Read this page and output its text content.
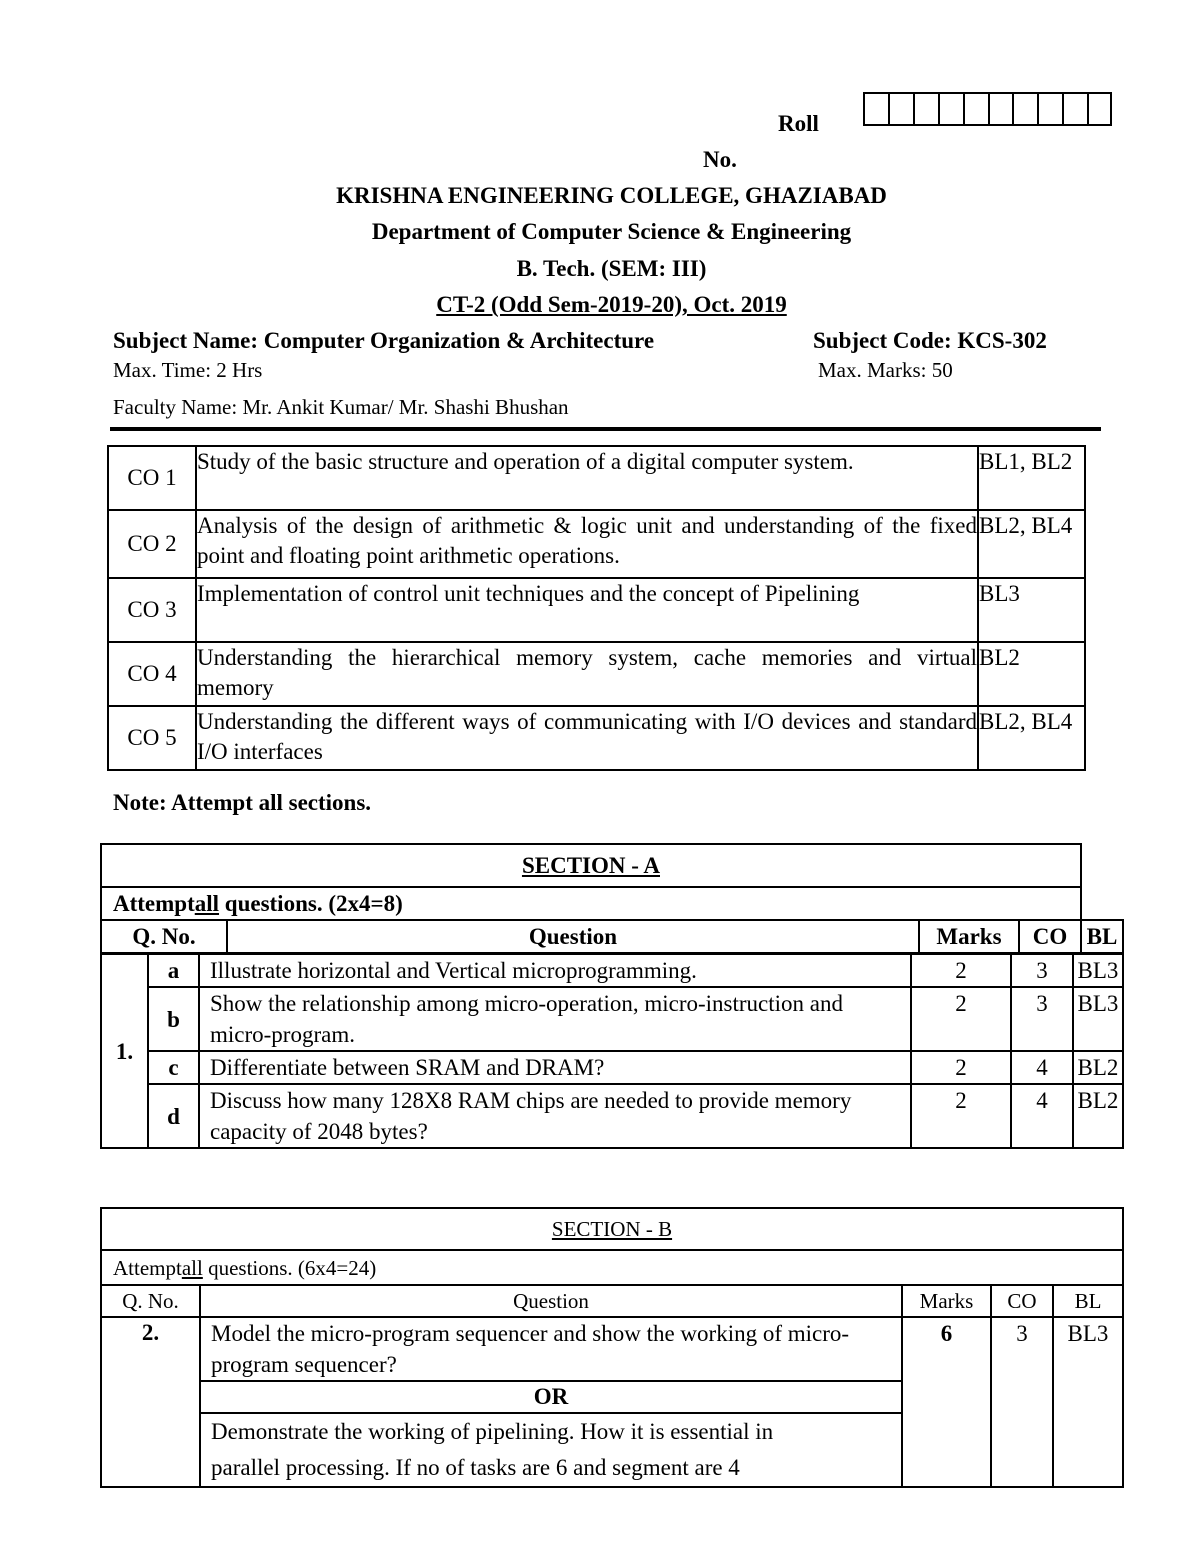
Roll
No.
KRISHNA ENGINEERING COLLEGE, GHAZIABAD
Department of Computer Science & Engineering
B. Tech. (SEM: III)
CT-2 (Odd Sem-2019-20), Oct. 2019
Subject Name: Computer Organization & Architecture	Subject Code: KCS-302
Max. Time: 2 Hrs	Max. Marks: 50
Faculty Name: Mr. Ankit Kumar/ Mr. Shashi Bhushan
CO 1	Study of the basic structure and operation of a digital computer system.	BL1, BL2
CO 2	Analysis of the design of arithmetic & logic unit and understanding of the fixed point and floating point arithmetic operations.	BL2, BL4
CO 3	Implementation of control unit techniques and the concept of Pipelining	BL3
CO 4	Understanding the hierarchical memory system, cache memories and virtual memory	BL2
CO 5	Understanding the different ways of communicating with I/O devices and standard I/O interfaces	BL2, BL4
Note: Attempt all sections.
SECTION - A
Attemptall questions. (2x4=8)
Q. No.	Question	Marks	CO	BL
1.	a	Illustrate horizontal and Vertical microprogramming.	2	3	BL3
	b	Show the relationship among micro-operation, micro-instruction and micro-program.	2	3	BL3
	c	Differentiate between SRAM and DRAM?	2	4	BL2
	d	Discuss how many 128X8 RAM chips are needed to provide memory capacity of 2048 bytes?	2	4	BL2
SECTION - B				
Attemptall questions. (6x4=24)				
Q. No.	Question	Marks	CO	BL
2.	Model the micro-program sequencer and show the working of micro-program sequencer?	6	3	BL3
	OR			

	Demonstrate the working of pipelining. How it is essential in
parallel processing. If no of tasks are 6 and segment are 4			
